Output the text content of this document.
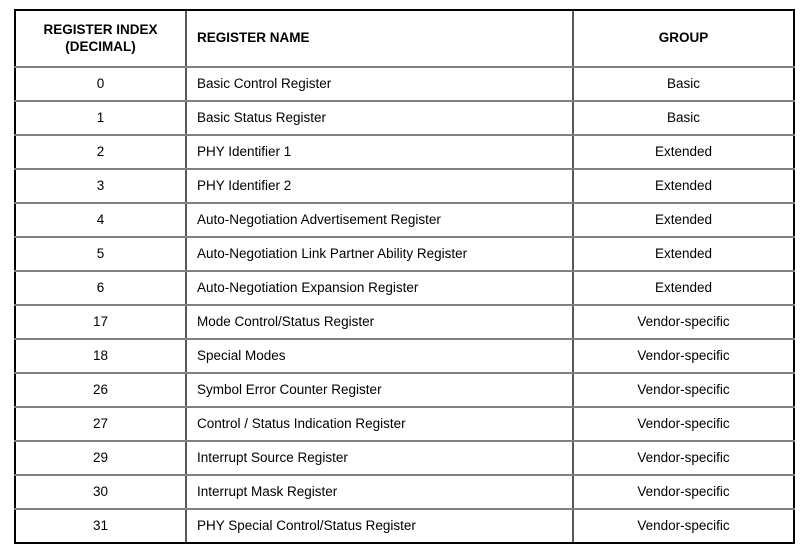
REGISTER INDEX (DECIMAL)	REGISTER NAME	GROUP
0	Basic Control Register	Basic
1	Basic Status Register	Basic
2	PHY Identifier 1	Extended
3	PHY Identifier 2	Extended
4	Auto-Negotiation Advertisement Register	Extended
5	Auto-Negotiation Link Partner Ability Register	Extended
6	Auto-Negotiation Expansion Register	Extended
17	Mode Control/Status Register	Vendor-specific
18	Special Modes	Vendor-specific
26	Symbol Error Counter Register	Vendor-specific
27	Control / Status Indication Register	Vendor-specific
29	Interrupt Source Register	Vendor-specific
30	Interrupt Mask Register	Vendor-specific
31	PHY Special Control/Status Register	Vendor-specific
